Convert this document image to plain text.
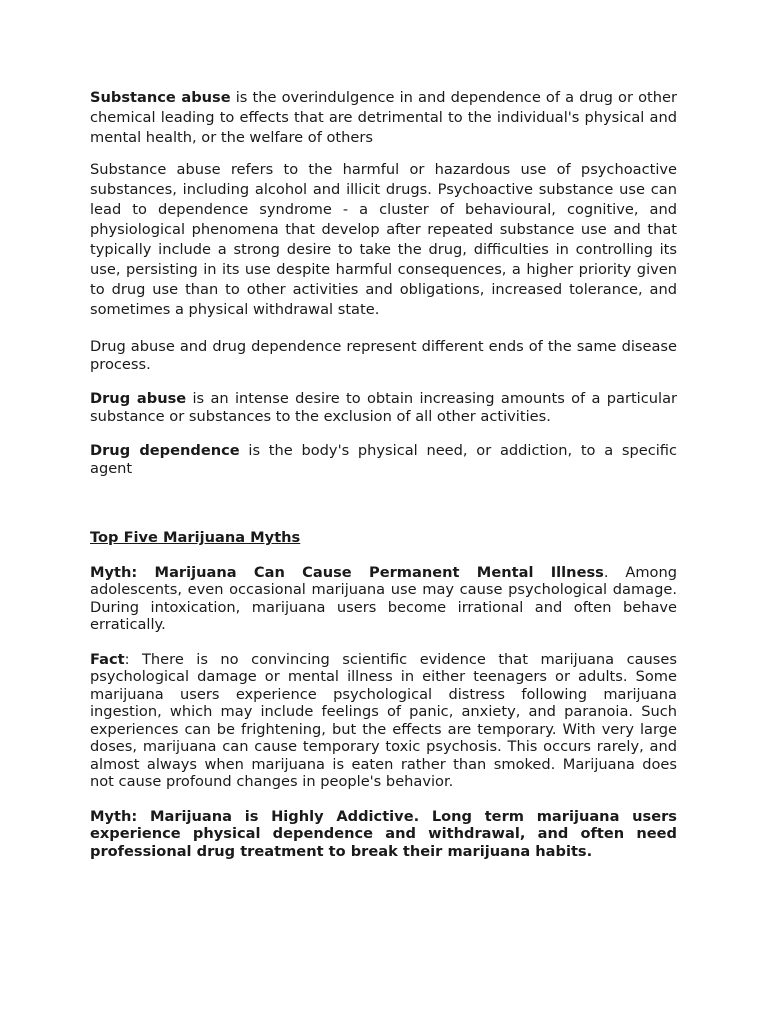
Substance abuse is the overindulgence in and dependence of a drug or other chemical leading to effects that are detrimental to the individual's physical and mental health, or the welfare of others

Substance abuse refers to the harmful or hazardous use of psychoactive substances, including alcohol and illicit drugs. Psychoactive substance use can lead to dependence syndrome - a cluster of behavioural, cognitive, and physiological phenomena that develop after repeated substance use and that typically include a strong desire to take the drug, difficulties in controlling its use, persisting in its use despite harmful consequences, a higher priority given to drug use than to other activities and obligations, increased tolerance, and sometimes a physical withdrawal state.

Drug abuse and drug dependence represent different ends of the same disease process.

Drug abuse is an intense desire to obtain increasing amounts of a particular substance or substances to the exclusion of all other activities.

Drug dependence is the body's physical need, or addiction, to a specific agent

Top Five Marijuana Myths

Myth: Marijuana Can Cause Permanent Mental Illness. Among adolescents, even occasional marijuana use may cause psychological damage. During intoxication, marijuana users become irrational and often behave erratically.

Fact: There is no convincing scientific evidence that marijuana causes psychological damage or mental illness in either teenagers or adults. Some marijuana users experience psychological distress following marijuana ingestion, which may include feelings of panic, anxiety, and paranoia. Such experiences can be frightening, but the effects are temporary. With very large doses, marijuana can cause temporary toxic psychosis. This occurs rarely, and almost always when marijuana is eaten rather than smoked. Marijuana does not cause profound changes in people's behavior.

Myth: Marijuana is Highly Addictive. Long term marijuana users experience physical dependence and withdrawal, and often need professional drug treatment to break their marijuana habits.
